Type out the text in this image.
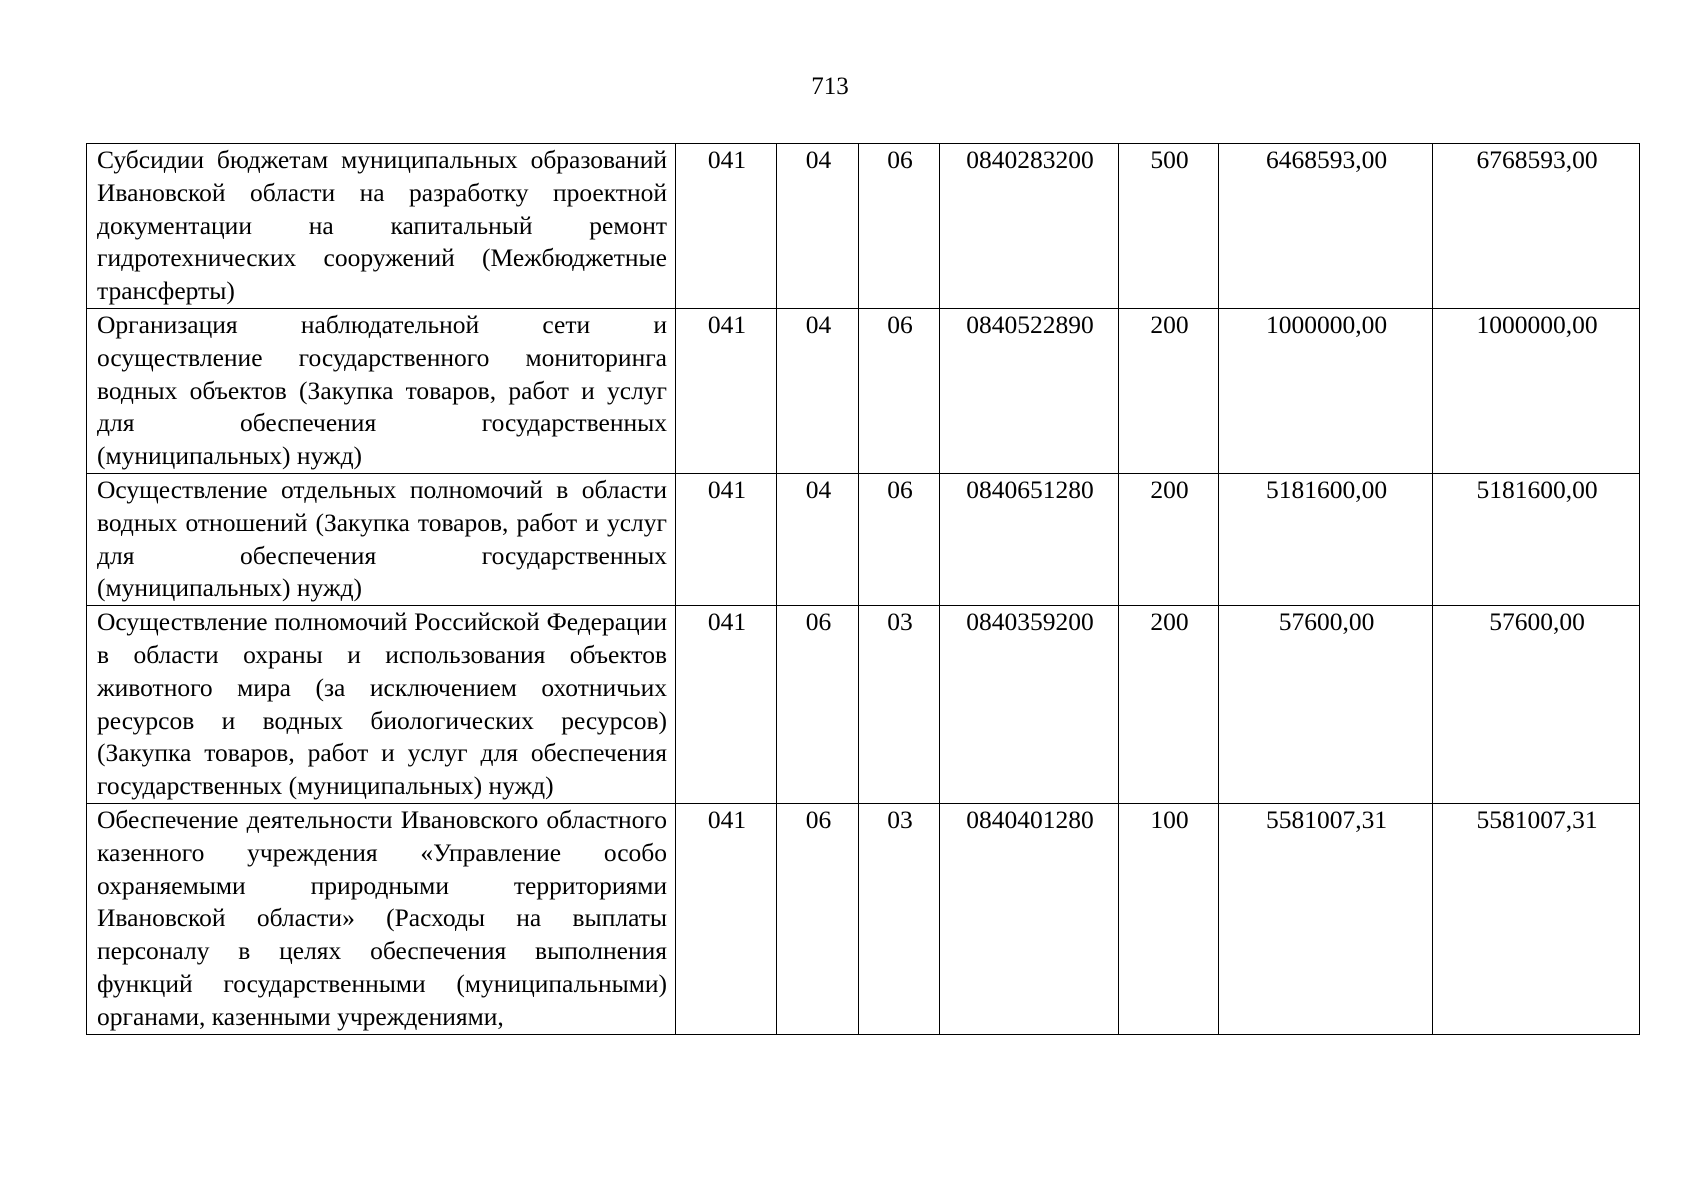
713
Субсидии бюджетам муниципальных образований Ивановской области на разработку проектной документации на капитальный ремонт гидротехнических сооружений (Межбюджетные трансферты)	041	04	06	0840283200	500	6468593,00	6768593,00
Организация наблюдательной сети и осуществление государственного мониторинга водных объектов (Закупка товаров, работ и услуг для обеспечения государственных (муниципальных) нужд)	041	04	06	0840522890	200	1000000,00	1000000,00
Осуществление отдельных полномочий в области водных отношений (Закупка товаров, работ и услуг для обеспечения государственных (муниципальных) нужд)	041	04	06	0840651280	200	5181600,00	5181600,00
Осуществление полномочий Российской Федерации в области охраны и использования объектов животного мира (за исключением охотничьих ресурсов и водных биологических ресурсов) (Закупка товаров, работ и услуг для обеспечения государственных (муниципальных) нужд)	041	06	03	0840359200	200	57600,00	57600,00
Обеспечение деятельности Ивановского областного казенного учреждения «Управление особо охраняемыми природными территориями Ивановской области» (Расходы на выплаты персоналу в целях обеспечения выполнения функций государственными (муниципальными) органами, казенными учреждениями,	041	06	03	0840401280	100	5581007,31	5581007,31
